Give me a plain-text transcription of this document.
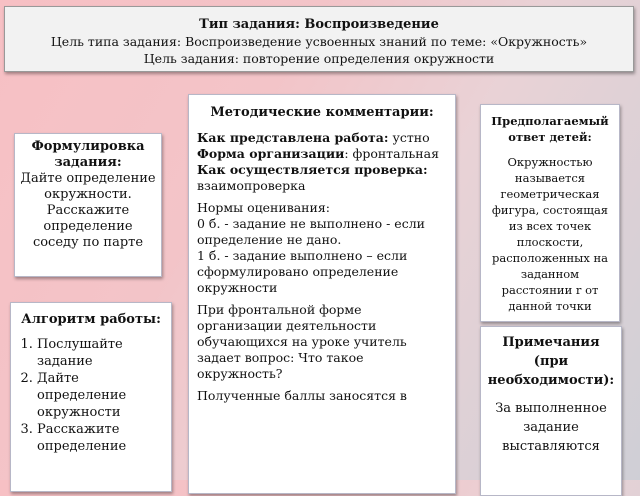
Тип задания: Воспроизведение
Цель типа задания: Воспроизведение усвоенных знаний по теме: «Окружность»
Цель задания: повторение определения окружности
Методические комментарии:

Как представлена работа: устно
Форма организации: фронтальная
Как осуществляется проверка: взаимопроверка

Нормы оценивания:
0 б. - задание не выполнено - если определение не дано.
1 б. - задание выполнено – если сформулировано определение окружности

При фронтальной форме организации деятельности обучающихся на уроке учитель задает вопрос: Что такое окружность?

Полученные баллы заносятся в

Предполагаемый ответ детей:
Окружностью называется геометрическая фигура, состоящая из всех точек плоскости, расположенных на заданном расстоянии r от данной точки
Формулировка задания:
Дайте определение окружности. Расскажите определение соседу по парте
Алгоритм работы:
1. Послушайте задание
2. Дайте определение окружности
3. Расскажите определение
Примечания (при необходимости):
За выполненное задание выставляются
